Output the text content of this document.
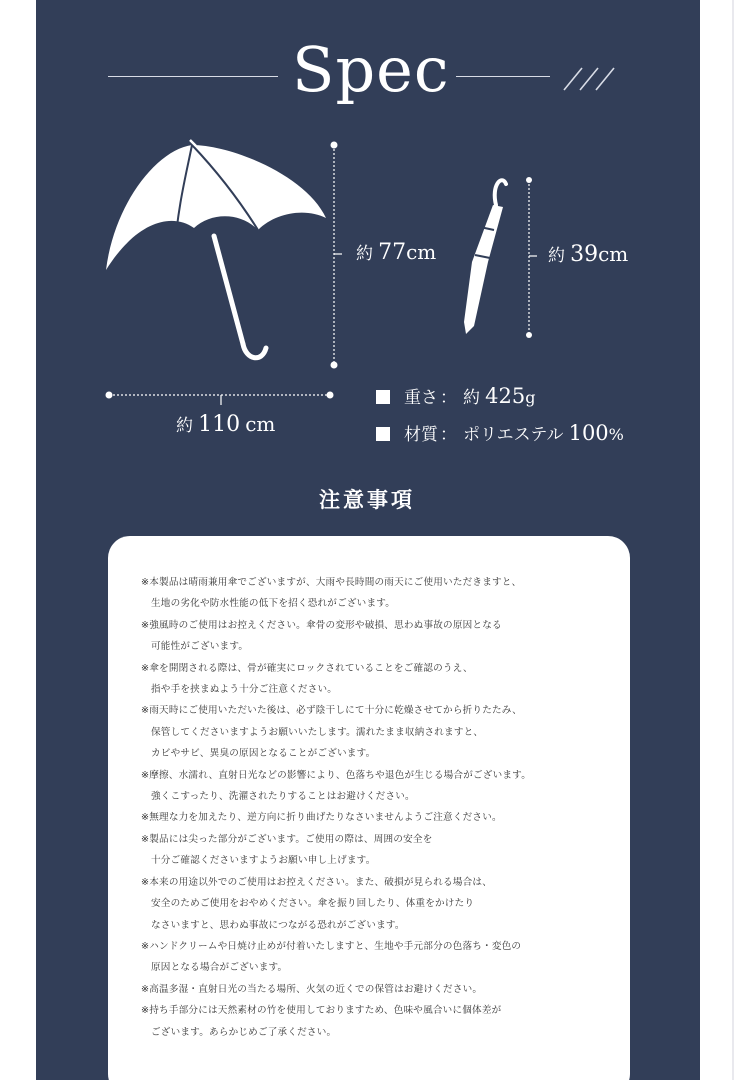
Spec
約 77cm	約 39cm
約 110 cm
重さ ： 約
425 g
材質 ： ポリエステル
100 %
注意事項
※本製品は晴雨兼用傘でございますが、大雨や長時間の雨天にご使用いただきますと、
生地の劣化や防水性能の低下を招く恐れがございます。
※強風時のご使用はお控えください。傘骨の変形や破損、思わぬ事故の原因となる
可能性がございます。
※傘を開閉される際は、骨が確実にロックされていることをご確認のうえ、
指や手を挟まぬよう十分ご注意ください。
※雨天時にご使用いただいた後は、必ず陰干しにて十分に乾燥させてから折りたたみ、
保管してくださいますようお願いいたします。濡れたまま収納されますと、
カビやサビ、異臭の原因となることがございます。
※摩擦、水濡れ、直射日光などの影響により、色落ちや退色が生じる場合がございます。
強くこすったり、洗濯されたりすることはお避けください。
※無理な力を加えたり、逆方向に折り曲げたりなさいませんようご注意ください。
※製品には尖った部分がございます。ご使用の際は、周囲の安全を
十分ご確認くださいますようお願い申し上げます。
※本来の用途以外でのご使用はお控えください。また、破損が見られる場合は、
安全のためご使用をおやめください。傘を振り回したり、体重をかけたり
なさいますと、思わぬ事故につながる恐れがございます。
※ハンドクリームや日焼け止めが付着いたしますと、生地や手元部分の色落ち・変色の
原因となる場合がございます。
※高温多湿・直射日光の当たる場所、火気の近くでの保管はお避けください。
※持ち手部分には天然素材の竹を使用しておりますため、色味や風合いに個体差が
ございます。あらかじめご了承ください。
